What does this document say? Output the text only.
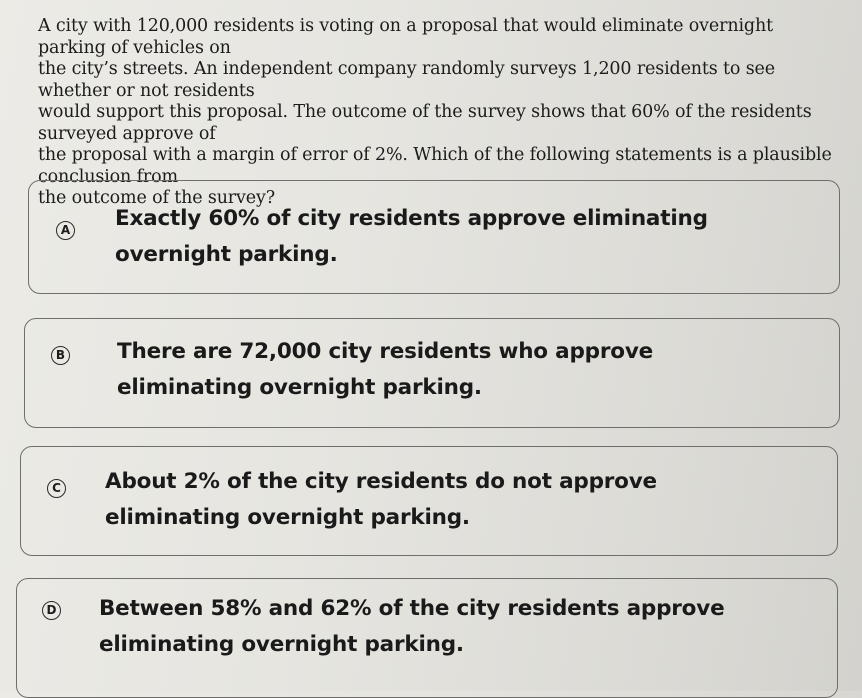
A city with 120,000 residents is voting on a proposal that would eliminate overnight parking of vehicles on
the city’s streets. An independent company randomly surveys 1,200 residents to see whether or not residents
would support this proposal. The outcome of the survey shows that 60% of the residents surveyed approve of
the proposal with a margin of error of 2%. Which of the following statements is a plausible conclusion from
the outcome of the survey?
A Exactly 60% of city residents approve eliminating
overnight parking.
B There are 72,000 city residents who approve
eliminating overnight parking.
C About 2% of the city residents do not approve
eliminating overnight parking.
D Between 58% and 62% of the city residents approve
eliminating overnight parking.
